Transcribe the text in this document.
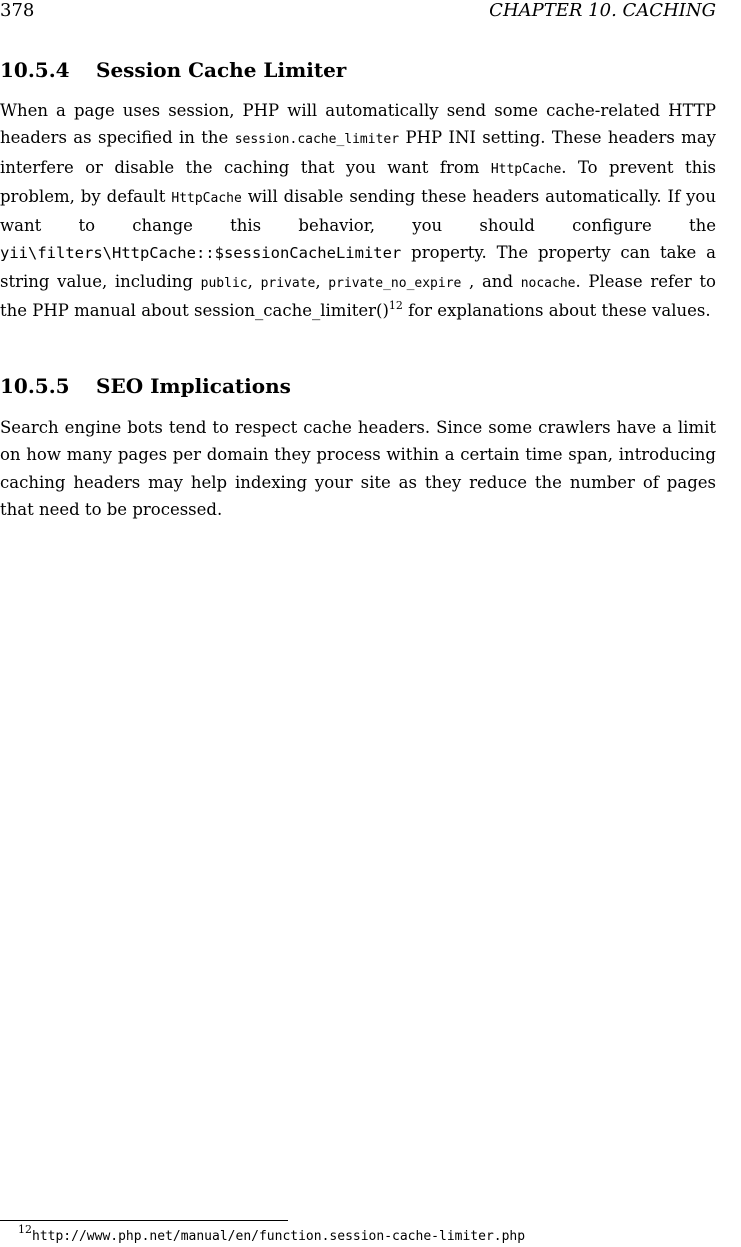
378	CHAPTER 10. CACHING
10.5.4 Session Cache Limiter

When a page uses session, PHP will automatically send some cache-related HTTP headers as specified in the session.cache_limiter PHP INI setting. These headers may interfere or disable the caching that you want from HttpCache. To prevent this problem, by default HttpCache will disable sending these headers automatically. If you want to change this behavior, you should configure the yii\filters\HttpCache::$sessionCacheLimiter property. The property can take a string value, including public, private, private_no_expire , and nocache. Please refer to the PHP manual about session_cache_limiter()$^{12}$ for explanations about these values.

10.5.5 SEO Implications

Search engine bots tend to respect cache headers. Since some crawlers have a limit on how many pages per domain they process within a certain time span, introducing caching headers may help indexing your site as they reduce the number of pages that need to be processed.

$^{12}$http://www.php.net/manual/en/function.session-cache-limiter.php
